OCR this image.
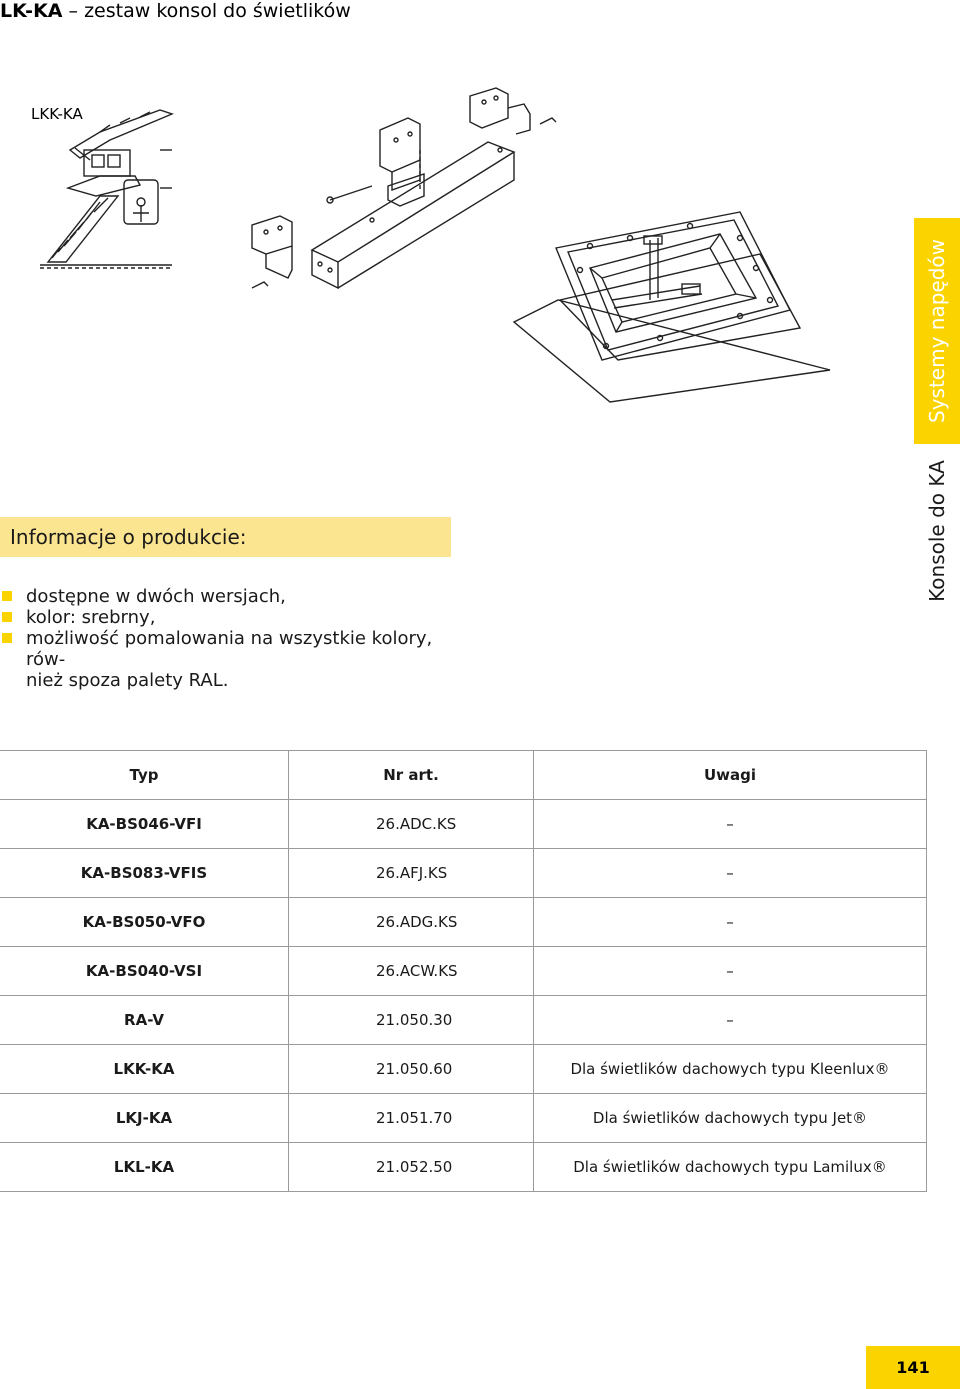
LK-KA – zestaw konsol do świetlików
LKK-KA
Systemy napędów
Konsole do KA
Informacje o produkcie:
dostępne w dwóch wersjach,
kolor: srebrny,
możliwość pomalowania na wszystkie kolory, rów-
nież spoza palety RAL.
Typ	Nr art.	Uwagi
KA-BS046-VFI	26.ADC.KS	–
KA-BS083-VFIS	26.AFJ.KS	–
KA-BS050-VFO	26.ADG.KS	–
KA-BS040-VSI	26.ACW.KS	–
RA-V	21.050.30	–
LKK-KA	21.050.60	Dla świetlików dachowych typu Kleenlux®
LKJ-KA	21.051.70	Dla świetlików dachowych typu Jet®
LKL-KA	21.052.50	Dla świetlików dachowych typu Lamilux®
141
